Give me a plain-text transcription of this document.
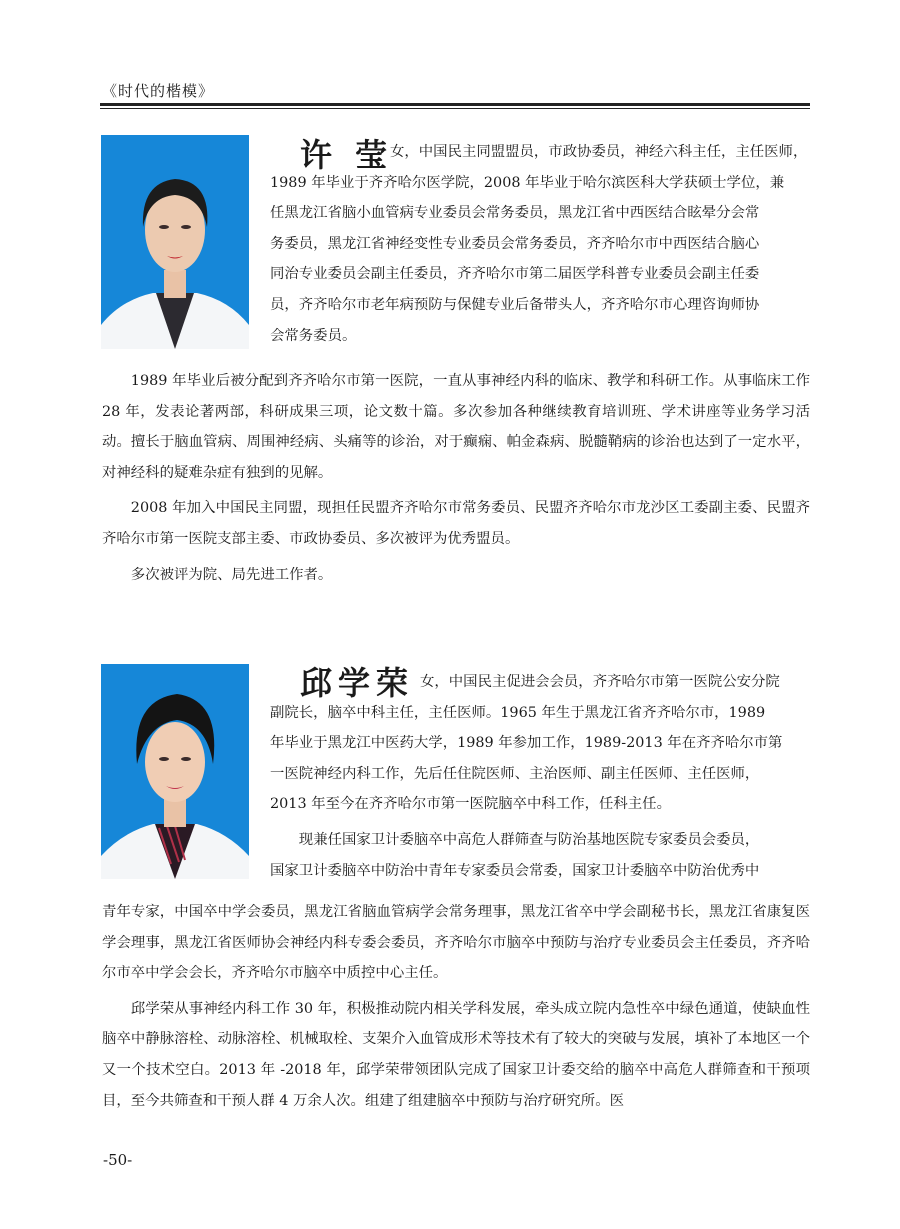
《时代的楷模》
许 莹

女，中国民主同盟盟员，市政协委员，神经六科主任，主任医师，

1989 年毕业于齐齐哈尔医学院，2008 年毕业于哈尔滨医科大学获硕士学位，兼

任黑龙江省脑小血管病专业委员会常务委员，黑龙江省中西医结合眩晕分会常

务委员，黑龙江省神经变性专业委员会常务委员，齐齐哈尔市中西医结合脑心

同治专业委员会副主任委员，齐齐哈尔市第二届医学科普专业委员会副主任委

员，齐齐哈尔市老年病预防与保健专业后备带头人，齐齐哈尔市心理咨询师协

会常务委员。

1989 年毕业后被分配到齐齐哈尔市第一医院，一直从事神经内科的临床、教学和科研工作。从事临床工作 28 年，发表论著两部，科研成果三项，论文数十篇。多次参加各种继续教育培训班、学术讲座等业务学习活动。擅长于脑血管病、周围神经病、头痛等的诊治，对于癫痫、帕金森病、脱髓鞘病的诊治也达到了一定水平，对神经科的疑难杂症有独到的见解。

2008 年加入中国民主同盟，现担任民盟齐齐哈尔市常务委员、民盟齐齐哈尔市龙沙区工委副主委、民盟齐齐哈尔市第一医院支部主委、市政协委员、多次被评为优秀盟员。

多次被评为院、局先进工作者。

邱学荣 女，中国民主促进会会员，齐齐哈尔市第一医院公安分院

副院长，脑卒中科主任，主任医师。1965 年生于黑龙江省齐齐哈尔市，1989

年毕业于黑龙江中医药大学，1989 年参加工作，1989-2013 年在齐齐哈尔市第

一医院神经内科工作，先后任住院医师、主治医师、副主任医师、主任医师，

2013 年至今在齐齐哈尔市第一医院脑卒中科工作，任科主任。

现兼任国家卫计委脑卒中高危人群筛查与防治基地医院专家委员会委员，

国家卫计委脑卒中防治中青年专家委员会常委，国家卫计委脑卒中防治优秀中

青年专家，中国卒中学会委员，黑龙江省脑血管病学会常务理事，黑龙江省卒中学会副秘书长，黑龙江省康复医学会理事，黑龙江省医师协会神经内科专委会委员，齐齐哈尔市脑卒中预防与治疗专业委员会主任委员，齐齐哈尔市卒中学会会长，齐齐哈尔市脑卒中质控中心主任。

邱学荣从事神经内科工作 30 年，积极推动院内相关学科发展，牵头成立院内急性卒中绿色通道，使缺血性脑卒中静脉溶栓、动脉溶栓、机械取栓、支架介入血管成形术等技术有了较大的突破与发展，填补了本地区一个又一个技术空白。2013 年 -2018 年，邱学荣带领团队完成了国家卫计委交给的脑卒中高危人群筛查和干预项目，至今共筛查和干预人群 4 万余人次。组建了组建脑卒中预防与治疗研究所。医

-50-
